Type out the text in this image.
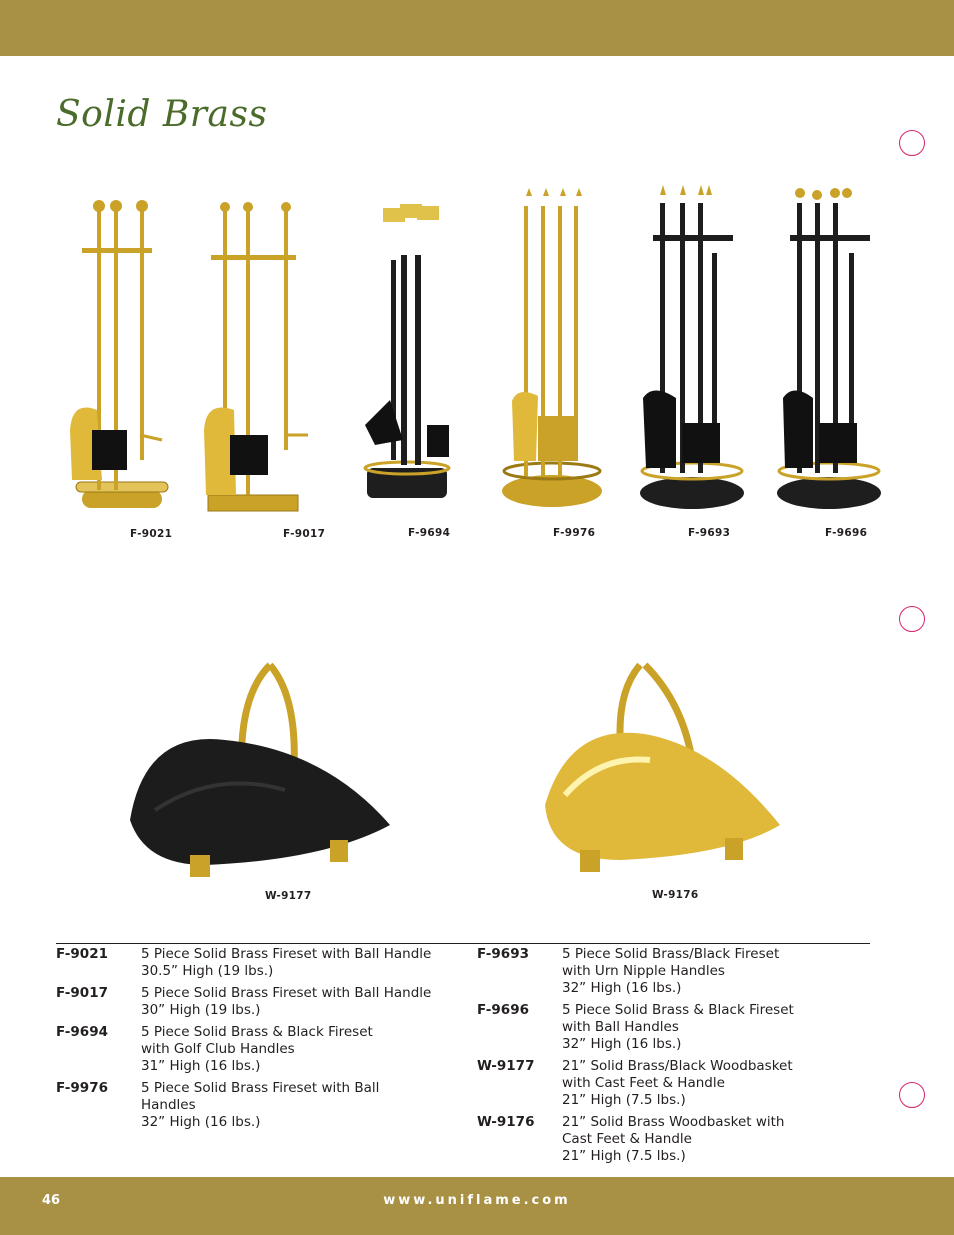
Solid Brass
F-9021	F-9017	F-9694	F-9976	F-9693	F-9696
W-9177	W-9176
F-9021	5 Piece Solid Brass Fireset with Ball Handle
30.5” High (19 lbs.)
F-9017	5 Piece Solid Brass Fireset with Ball Handle
30” High (19 lbs.)
F-9694	5 Piece Solid Brass & Black Fireset
with Golf Club Handles
31” High (16 lbs.)
F-9976	5 Piece Solid Brass Fireset with Ball
Handles
32” High (16 lbs.)
F-9693	5 Piece Solid Brass/Black Fireset
with Urn Nipple Handles
32” High (16 lbs.)
F-9696	5 Piece Solid Brass & Black Fireset
with Ball Handles
32” High (16 lbs.)
W-9177	21” Solid Brass/Black Woodbasket
with Cast Feet & Handle
21” High (7.5 lbs.)
W-9176	21” Solid Brass Woodbasket with
Cast Feet & Handle
21” High (7.5 lbs.)
46	www.uniflame.com
